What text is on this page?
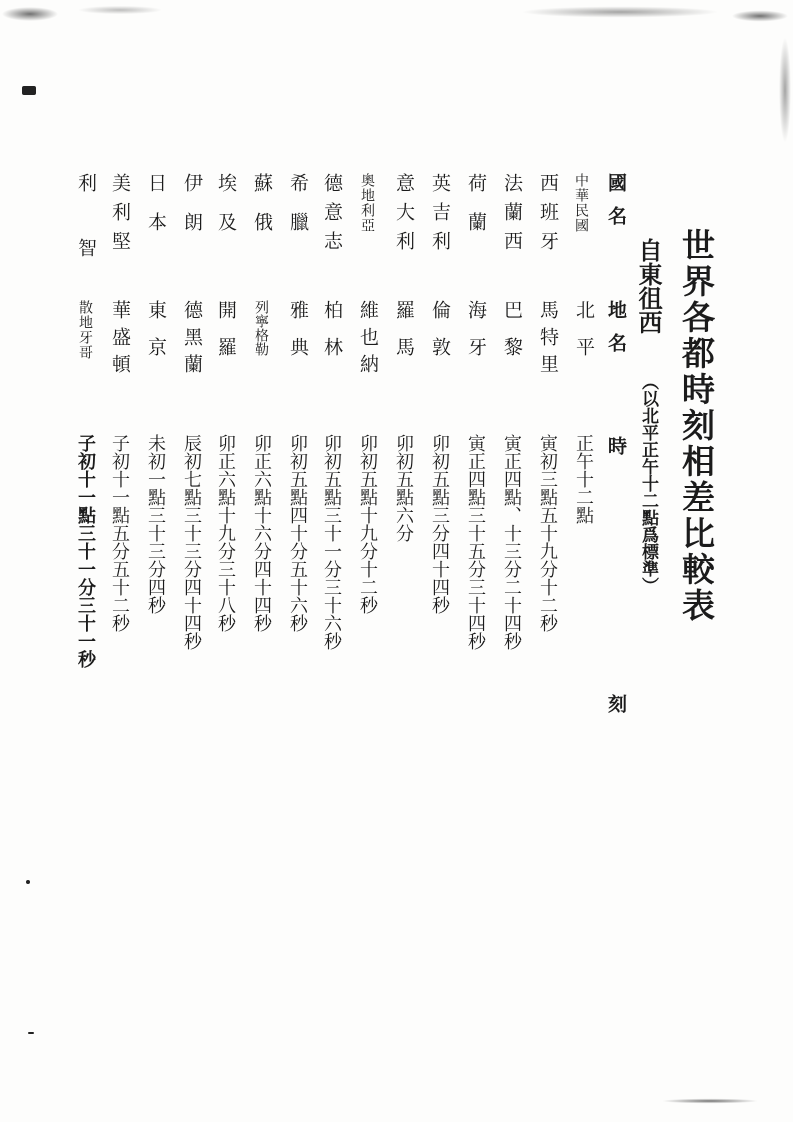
世界各都時刻相差比較表
自東徂西 （以北平正午十二點爲標準）
國名
地名
時
刻
中華民國
北平
正午十二點
西班牙
馬特里
寅初三點五十九分十二秒
法蘭西
巴黎
寅正四點、十三分二十四秒
荷蘭
海牙
寅正四點三十五分三十四秒
英吉利
倫敦
卯初五點三分四十四秒
意大利
羅馬
卯初五點六分
奧地利亞
維也納
卯初五點十九分十二秒
德意志
柏林
卯初五點三十一分三十六秒
希臘
雅典
卯初五點四十分五十六秒
蘇俄
列寧格勒
卯正六點十六分四十四秒
埃及
開羅
卯正六點十九分三十八秒
伊朗
德黑蘭
辰初七點三十三分四十四秒
日本
東京
未初一點三十三分四秒
美利堅
華盛頓
子初十一點五分五十二秒
利智
散地牙哥
子初十一點三十一分三十一秒
